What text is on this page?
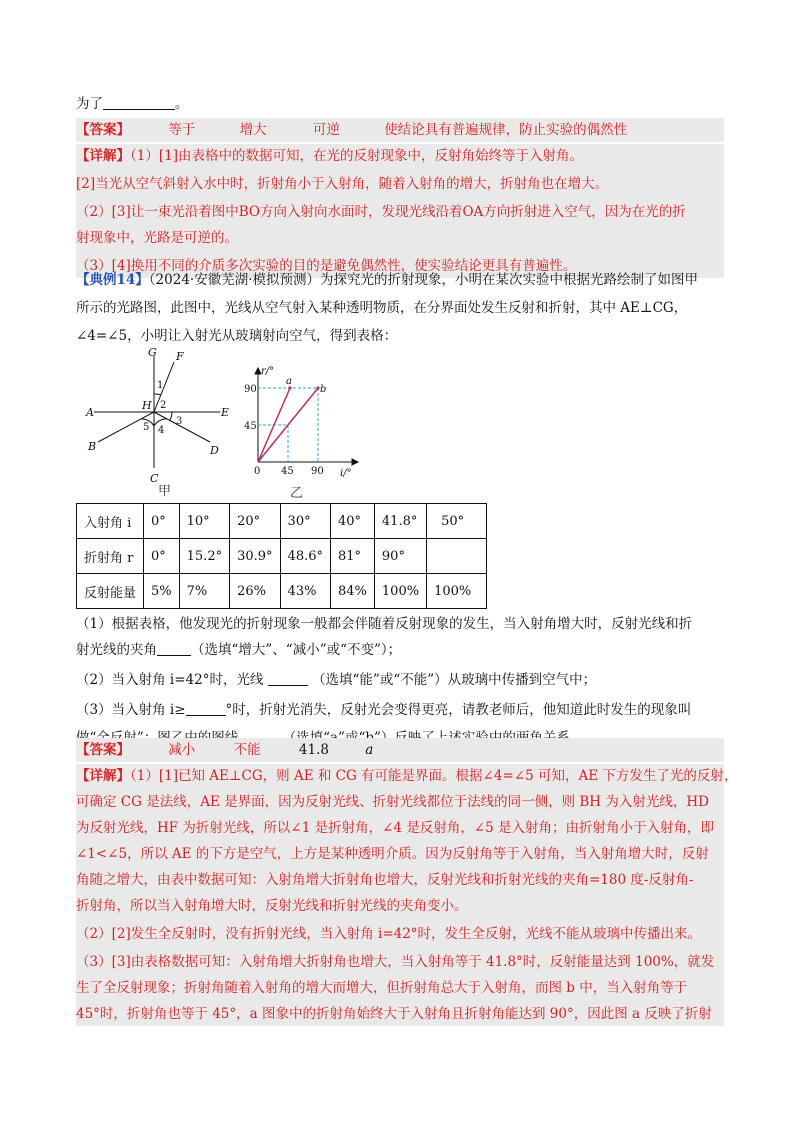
为了	。
【答案】	等于	增大	可逆	使结论具有普遍规律，防止实验的偶然性
【详解】（1）[1]由表格中的数据可知，在光的反射现象中，反射角始终等于入射角。
[2]当光从空气斜射入水中时，折射角小于入射角，随着入射角的增大，折射角也在增大。
（2）[3]让一束光沿着图中BO方向入射向水面时，发现光线沿着OA方向折射进入空气，因为在光的折
射现象中，光路是可逆的。
（3）[4]换用不同的介质多次实验的目的是避免偶然性，使实验结论更具有普遍性。
【典例14】（2024·安徽芜湖·模拟预测）为探究光的折射现象，小明在某次实验中根据光路绘制了如图甲
所示的光路图，此图中，光线从空气射入某种透明物质，在分界面处发生反射和折射，其中 AE⊥CG，
∠4=∠5，小明让入射光从玻璃射向空气，得到表格：
G F
A	E
H
B
C
D
1
2
3
4
5
甲
r/°
i/°
0 45 90
45
90
a
b
乙
入射角 i	0°	10°	20°	30°	40°	41.8°	50°
折射角 r	0°	15.2°	30.9°	48.6°	81°	90°	
反射能量	5%	7%	26%	43%	84%	100%	100%
（1）根据表格，他发现光的折射现象一般都会伴随着反射现象的发生，当入射角增大时，反射光线和折
射光线的夹角	（选填“增大”、“减小”或“不变”）；
（2）当入射角 i=42°时，光线	（选填“能”或“不能”）从玻璃中传播到空气中；
（3）当入射角 i≥	°时，折射光消失，反射光会变得更亮，请教老师后，他知道此时发生的现象叫
【答案】	减小	不能	41.8	a
【详解】（1）[1]已知 AE⊥CG，则 AE 和 CG 有可能是界面。根据∠4=∠5 可知，AE 下方发生了光的反射，
可确定 CG 是法线，AE 是界面，因为反射光线、折射光线都位于法线的同一侧，则 BH 为入射光线，HD
为反射光线，HF 为折射光线，所以∠1 是折射角，∠4 是反射角，∠5 是入射角；由折射角小于入射角，即
∠1<∠5，所以 AE 的下方是空气，上方是某种透明介质。因为反射角等于入射角，当入射角增大时，反射
角随之增大，由表中数据可知：入射角增大折射角也增大，反射光线和折射光线的夹角=180 度-反射角-
折射角，所以当入射角增大时，反射光线和折射光线的夹角变小。
（2）[2]发生全反射时，没有折射光线，当入射角 i=42°时，发生全反射，光线不能从玻璃中传播出来。
（3）[3]由表格数据可知：入射角增大折射角也增大，当入射角等于 41.8°时，反射能量达到 100%，就发
生了全反射现象；折射角随着入射角的增大而增大，但折射角总大于入射角，而图 b 中，当入射角等于
45°时，折射角也等于 45°，a 图象中的折射角始终大于入射角且折射角能达到 90°，因此图 a 反映了折射
